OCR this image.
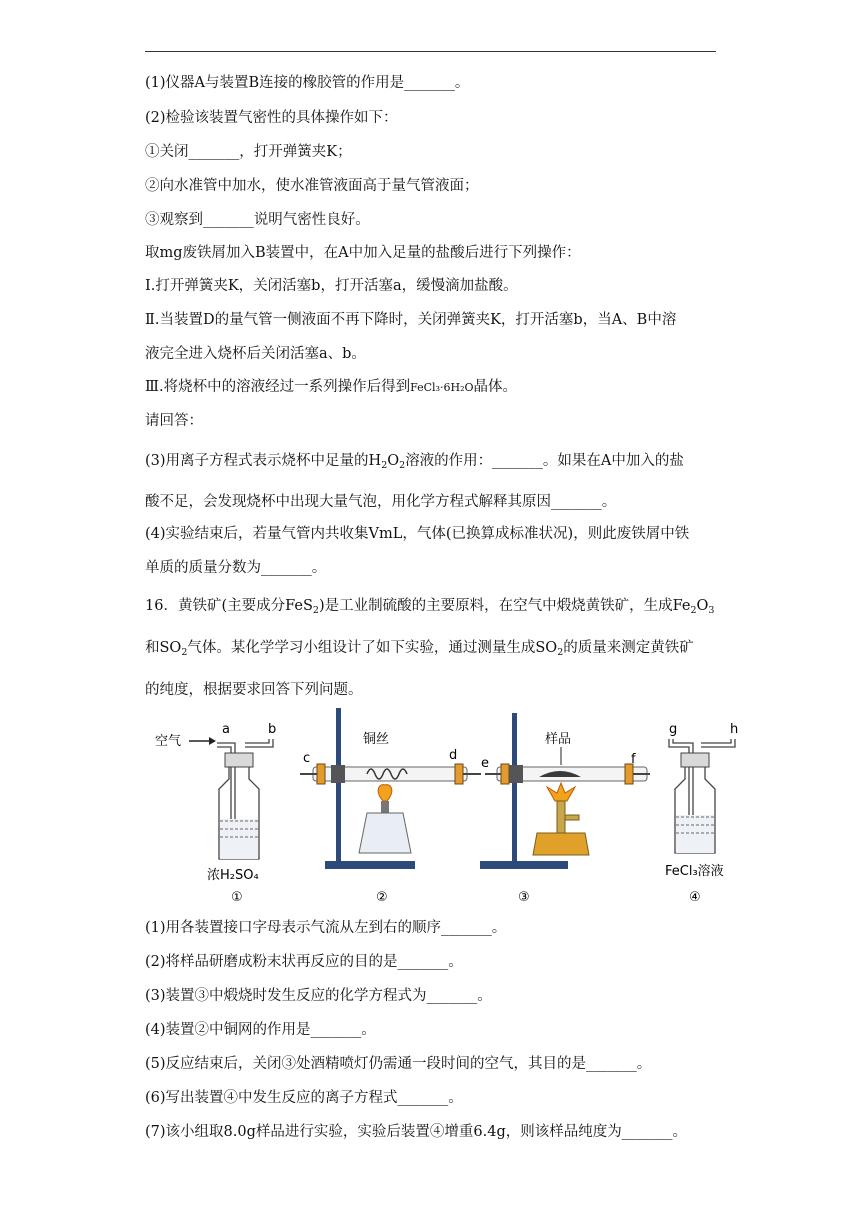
(1)仪器A与装置B连接的橡胶管的作用是_______。
(2)检验该装置气密性的具体操作如下：
①关闭_______，打开弹簧夹K；
②向水准管中加水，使水准管液面高于量气管液面；
③观察到_______说明气密性良好。
取mg废铁屑加入B装置中，在A中加入足量的盐酸后进行下列操作：
Ⅰ.打开弹簧夹K，关闭活塞b，打开活塞a，缓慢滴加盐酸。
Ⅱ.当装置D的量气管一侧液面不再下降时，关闭弹簧夹K，打开活塞b，当A、B中溶
液完全进入烧杯后关闭活塞a、b。
Ⅲ.将烧杯中的溶液经过一系列操作后得到FeCl₃·6H₂O晶体。
请回答：
(3)用离子方程式表示烧杯中足量的$H_2O_2$溶液的作用：_______。如果在A中加入的盐
酸不足，会发现烧杯中出现大量气泡，用化学方程式解释其原因_______。
(4)实验结束后，若量气管内共收集VmL，气体(已换算成标准状况)，则此废铁屑中铁
单质的质量分数为_______。
16．黄铁矿(主要成分FeS$_2$)是工业制硫酸的主要原料，在空气中煅烧黄铁矿，生成$Fe_2O_3$
和$SO_2$气体。某化学学习小组设计了如下实验，通过测量生成$SO_2$的质量来测定黄铁矿
的纯度，根据要求回答下列问题。
空气
a	b
浓H₂SO₄
①
c	d
铜丝
②
e	f
样品
③
g	h
FeCl₃溶液
④
(1)用各装置接口字母表示气流从左到右的顺序_______。
(2)将样品研磨成粉末状再反应的目的是_______。
(3)装置③中煅烧时发生反应的化学方程式为_______。
(4)装置②中铜网的作用是_______。
(5)反应结束后，关闭③处酒精喷灯仍需通一段时间的空气，其目的是_______。
(6)写出装置④中发生反应的离子方程式_______。
(7)该小组取8.0g样品进行实验，实验后装置④增重6.4g，则该样品纯度为_______。
